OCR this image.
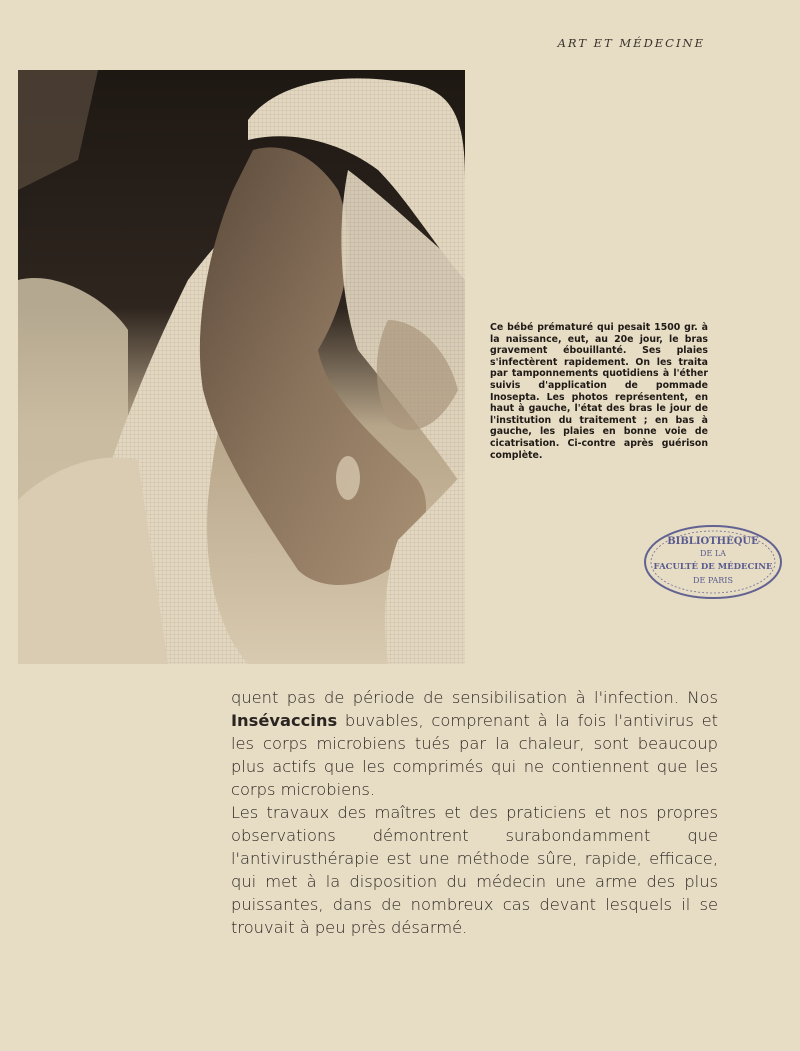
ART ET MÉDECINE
Ce bébé prématuré qui pesait 1500 gr. à la naissance, eut, au 20e jour, le bras gravement ébouillanté. Ses plaies s'infectèrent rapidement. On les traita par tamponnements quotidiens à l'éther suivis d'application de pommade Inosepta. Les photos représentent, en haut à gauche, l'état des bras le jour de l'institution du traitement ; en bas à gauche, les plaies en bonne voie de cicatrisation. Ci-contre après guérison complète.
BIBLIOTHÈQUE
DE LA
FACULTÉ DE MÉDECINE
DE PARIS

quent pas de période de sensibilisation à l'infection. Nos Insévaccins buvables, comprenant à la fois l'antivirus et les corps microbiens tués par la chaleur, sont beaucoup plus actifs que les comprimés qui ne contiennent que les corps microbiens.

Les travaux des maîtres et des praticiens et nos propres observations démontrent surabondamment que l'antivirusthérapie est une méthode sûre, rapide, efficace, qui met à la disposition du médecin une arme des plus puissantes, dans de nombreux cas devant lesquels il se trouvait à peu près désarmé.
